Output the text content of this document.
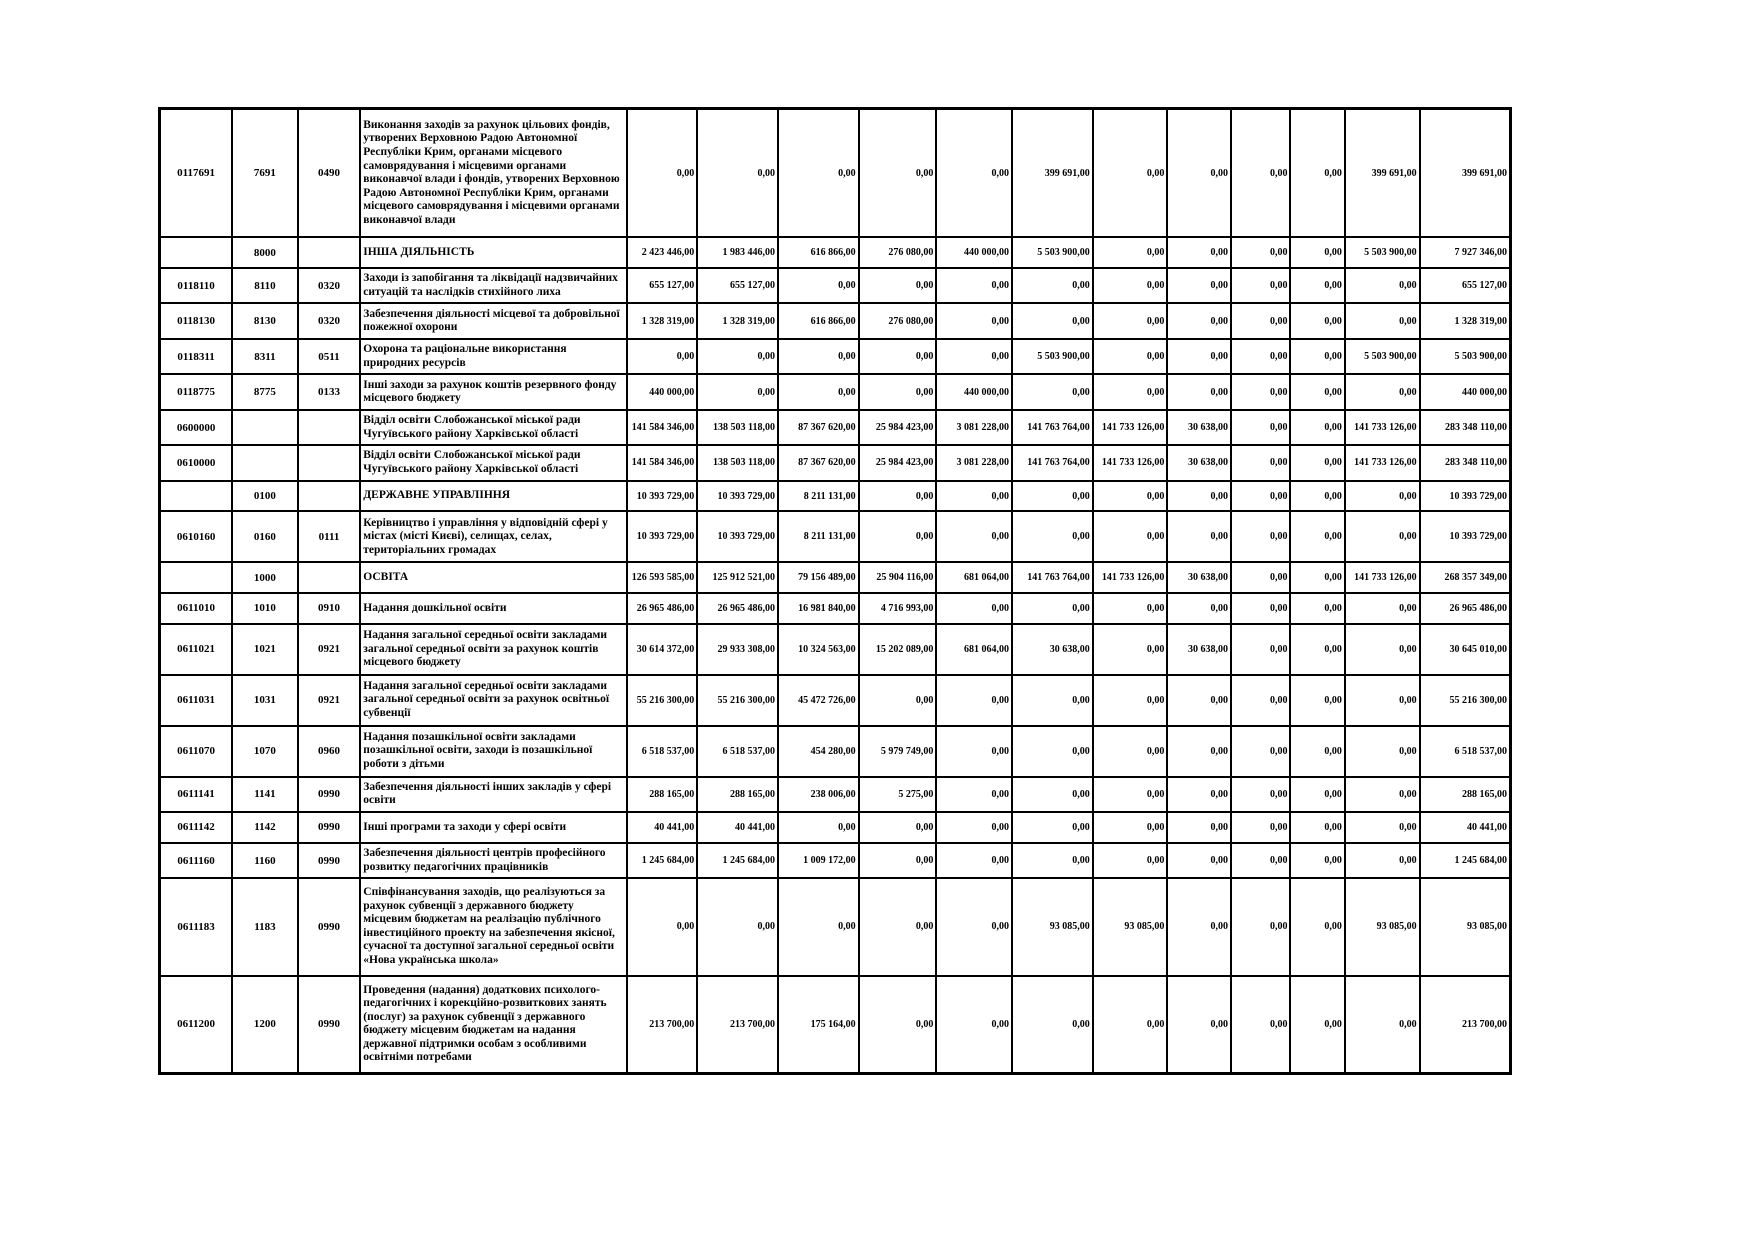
0117691	7691	0490	Виконання заходів за рахунок цільових фондів, утворених Верховною Радою Автономної Республіки Крим, органами місцевого самоврядування і місцевими органами виконавчої влади і фондів, утворених Верховною Радою Автономної Республіки Крим, органами місцевого самоврядування і місцевими органами виконавчої влади	0,00	0,00	0,00	0,00	0,00	399 691,00	0,00	0,00	0,00	0,00	399 691,00	399 691,00
	8000		ІНША ДІЯЛЬНІСТЬ	2 423 446,00	1 983 446,00	616 866,00	276 080,00	440 000,00	5 503 900,00	0,00	0,00	0,00	0,00	5 503 900,00	7 927 346,00
0118110	8110	0320	Заходи із запобігання та ліквідації надзвичайних ситуацій та наслідків стихійного лиха	655 127,00	655 127,00	0,00	0,00	0,00	0,00	0,00	0,00	0,00	0,00	0,00	655 127,00
0118130	8130	0320	Забезпечення діяльності місцевої та добровільної пожежної охорони	1 328 319,00	1 328 319,00	616 866,00	276 080,00	0,00	0,00	0,00	0,00	0,00	0,00	0,00	1 328 319,00
0118311	8311	0511	Охорона та раціональне використання природних ресурсів	0,00	0,00	0,00	0,00	0,00	5 503 900,00	0,00	0,00	0,00	0,00	5 503 900,00	5 503 900,00
0118775	8775	0133	Інші заходи за рахунок коштів резервного фонду місцевого бюджету	440 000,00	0,00	0,00	0,00	440 000,00	0,00	0,00	0,00	0,00	0,00	0,00	440 000,00
0600000			Відділ освіти Слобожанської міської ради Чугуївського району Харківської області	141 584 346,00	138 503 118,00	87 367 620,00	25 984 423,00	3 081 228,00	141 763 764,00	141 733 126,00	30 638,00	0,00	0,00	141 733 126,00	283 348 110,00
0610000			Відділ освіти Слобожанської міської ради Чугуївського району Харківської області	141 584 346,00	138 503 118,00	87 367 620,00	25 984 423,00	3 081 228,00	141 763 764,00	141 733 126,00	30 638,00	0,00	0,00	141 733 126,00	283 348 110,00
	0100		ДЕРЖАВНЕ УПРАВЛІННЯ	10 393 729,00	10 393 729,00	8 211 131,00	0,00	0,00	0,00	0,00	0,00	0,00	0,00	0,00	10 393 729,00
0610160	0160	0111	Керівництво і управління у відповідній сфері у містах (місті Києві), селищах, селах, територіальних громадах	10 393 729,00	10 393 729,00	8 211 131,00	0,00	0,00	0,00	0,00	0,00	0,00	0,00	0,00	10 393 729,00
	1000		ОСВІТА	126 593 585,00	125 912 521,00	79 156 489,00	25 904 116,00	681 064,00	141 763 764,00	141 733 126,00	30 638,00	0,00	0,00	141 733 126,00	268 357 349,00
0611010	1010	0910	Надання дошкільної освіти	26 965 486,00	26 965 486,00	16 981 840,00	4 716 993,00	0,00	0,00	0,00	0,00	0,00	0,00	0,00	26 965 486,00
0611021	1021	0921	Надання загальної середньої освіти закладами загальної середньої освіти за рахунок коштів місцевого бюджету	30 614 372,00	29 933 308,00	10 324 563,00	15 202 089,00	681 064,00	30 638,00	0,00	30 638,00	0,00	0,00	0,00	30 645 010,00
0611031	1031	0921	Надання загальної середньої освіти закладами загальної середньої освіти за рахунок освітньої субвенції	55 216 300,00	55 216 300,00	45 472 726,00	0,00	0,00	0,00	0,00	0,00	0,00	0,00	0,00	55 216 300,00
0611070	1070	0960	Надання позашкільної освіти закладами позашкільної освіти, заходи із позашкільної роботи з дітьми	6 518 537,00	6 518 537,00	454 280,00	5 979 749,00	0,00	0,00	0,00	0,00	0,00	0,00	0,00	6 518 537,00
0611141	1141	0990	Забезпечення діяльності інших закладів у сфері освіти	288 165,00	288 165,00	238 006,00	5 275,00	0,00	0,00	0,00	0,00	0,00	0,00	0,00	288 165,00
0611142	1142	0990	Інші програми та заходи у сфері освіти	40 441,00	40 441,00	0,00	0,00	0,00	0,00	0,00	0,00	0,00	0,00	0,00	40 441,00
0611160	1160	0990	Забезпечення діяльності центрів професійного розвитку педагогічних працівників	1 245 684,00	1 245 684,00	1 009 172,00	0,00	0,00	0,00	0,00	0,00	0,00	0,00	0,00	1 245 684,00
0611183	1183	0990	Співфінансування заходів, що реалізуються за рахунок субвенції з державного бюджету місцевим бюджетам на реалізацію публічного інвестиційного проекту на забезпечення якісної, сучасної та доступної загальної середньої освіти «Нова українська школа»	0,00	0,00	0,00	0,00	0,00	93 085,00	93 085,00	0,00	0,00	0,00	93 085,00	93 085,00
0611200	1200	0990	Проведення (надання) додаткових психолого-педагогічних і корекційно-розвиткових занять (послуг) за рахунок субвенції з державного бюджету місцевим бюджетам на надання державної підтримки особам з особливими освітніми потребами	213 700,00	213 700,00	175 164,00	0,00	0,00	0,00	0,00	0,00	0,00	0,00	0,00	213 700,00
